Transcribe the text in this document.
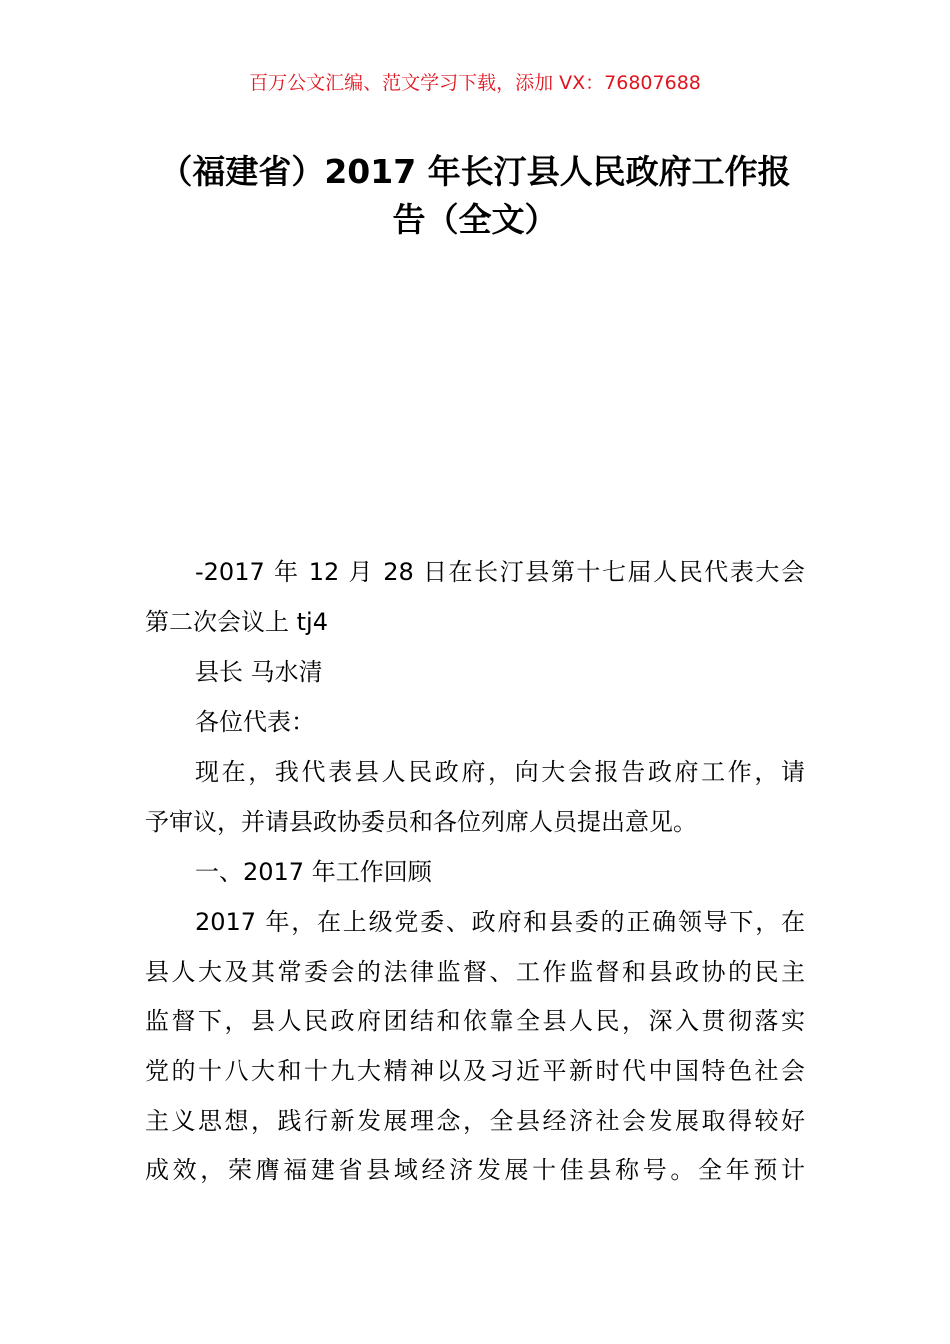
百万公文汇编、范文学习下载，添加 VX：76807688
（福建省）2017 年长汀县人民政府工作报
告（全文）
-2017 年 12 月 28 日在长汀县第十七届人民代表大会
第二次会议上 tj4
县长 马水清
各位代表：
现在，我代表县人民政府，向大会报告政府工作，请
予审议，并请县政协委员和各位列席人员提出意见。
一、2017 年工作回顾
2017 年，在上级党委、政府和县委的正确领导下，在
县人大及其常委会的法律监督、工作监督和县政协的民主
监督下，县人民政府团结和依靠全县人民，深入贯彻落实
党的十八大和十九大精神以及习近平新时代中国特色社会
主义思想，践行新发展理念，全县经济社会发展取得较好
成效，荣膺福建省县域经济发展十佳县称号。全年预计
